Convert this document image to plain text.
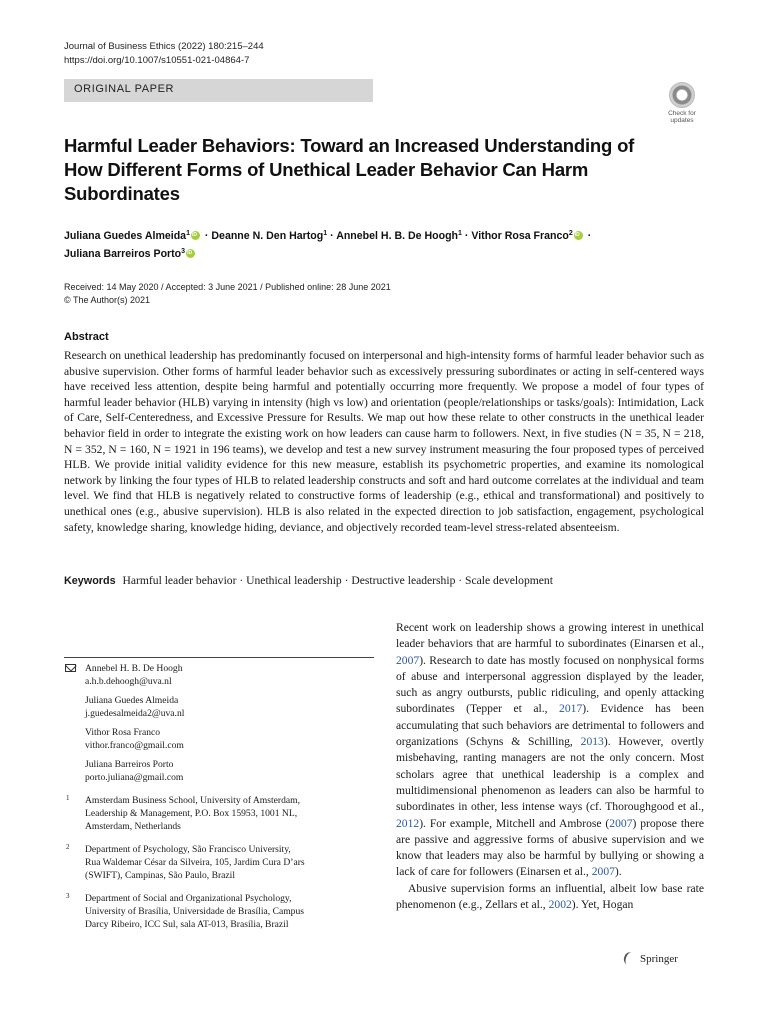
Journal of Business Ethics (2022) 180:215–244
https://doi.org/10.1007/s10551-021-04864-7
ORIGINAL PAPER
Check for
updates
Harmful Leader Behaviors: Toward an Increased Understanding of How Different Forms of Unethical Leader Behavior Can Harm Subordinates
Juliana Guedes Almeida$^1$iD · Deanne N. Den Hartog$^1$ · Annebel H. B. De Hoogh$^1$ · Vithor Rosa Franco$^2$iD ·
Juliana Barreiros Porto$^3$iD
Received: 14 May 2020 / Accepted: 3 June 2021 / Published online: 28 June 2021
© The Author(s) 2021
Abstract
Research on unethical leadership has predominantly focused on interpersonal and high-intensity forms of harmful leader behavior such as abusive supervision. Other forms of harmful leader behavior such as excessively pressuring subordinates or acting in self-centered ways have received less attention, despite being harmful and potentially occurring more frequently. We propose a model of four types of harmful leader behavior (HLB) varying in intensity (high vs low) and orientation (people/relationships or tasks/goals): Intimidation, Lack of Care, Self-Centeredness, and Excessive Pressure for Results. We map out how these relate to other constructs in the unethical leader behavior field in order to integrate the existing work on how leaders can cause harm to followers. Next, in five studies (N = 35, N = 218, N = 352, N = 160, N = 1921 in 196 teams), we develop and test a new survey instrument measuring the four proposed types of perceived HLB. We provide initial validity evidence for this new measure, establish its psychometric properties, and examine its nomological network by linking the four types of HLB to related leadership constructs and soft and hard outcome correlates at the individual and team level. We find that HLB is negatively related to constructive forms of leadership (e.g., ethical and transformational) and positively to unethical ones (e.g., abusive supervision). HLB is also related in the expected direction to job satisfaction, engagement, psychological safety, knowledge sharing, knowledge hiding, deviance, and objectively recorded team-level stress-related absenteeism.
Keywords Harmful leader behavior · Unethical leadership · Destructive leadership · Scale development
Annebel H. B. De Hoogh
a.h.b.dehoogh@uva.nl
Juliana Guedes Almeida
j.guedesalmeida2@uva.nl
Vithor Rosa Franco
vithor.franco@gmail.com
Juliana Barreiros Porto
porto.juliana@gmail.com
1 Amsterdam Business School, University of Amsterdam,
Leadership & Management, P.O. Box 15953, 1001 NL,
Amsterdam, Netherlands
2 Department of Psychology, São Francisco University,
Rua Waldemar César da Silveira, 105, Jardim Cura D’ars
(SWIFT), Campinas, São Paulo, Brazil
3 Department of Social and Organizational Psychology,
University of Brasília, Universidade de Brasília, Campus
Darcy Ribeiro, ICC Sul, sala AT-013, Brasília, Brazil

Recent work on leadership shows a growing interest in unethical leader behaviors that are harmful to subordinates (Einarsen et al., 2007). Research to date has mostly focused on nonphysical forms of abuse and interpersonal aggression displayed by the leader, such as angry outbursts, public ridiculing, and openly attacking subordinates (Tepper et al., 2017). Evidence has been accumulating that such behaviors are detrimental to followers and organizations (Schyns & Schilling, 2013). However, overtly misbehaving, ranting managers are not the only concern. Most scholars agree that unethical leadership is a complex and multidimensional phenomenon as leaders can also be harmful to subordinates in other, less intense ways (cf. Thoroughgood et al., 2012). For example, Mitchell and Ambrose (2007) propose there are passive and aggressive forms of abusive supervision and we know that leaders may also be harmful by bullying or showing a lack of care for followers (Einarsen et al., 2007).

Abusive supervision forms an influential, albeit low base rate phenomenon (e.g., Zellars et al., 2002). Yet, Hogan

Springer
